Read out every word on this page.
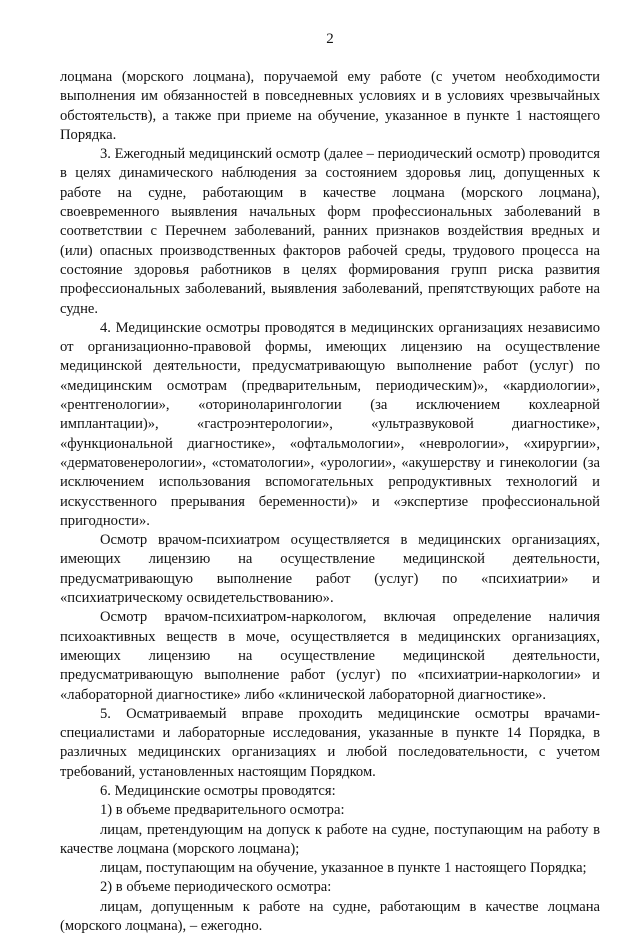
2

лоцмана (морского лоцмана), поручаемой ему работе (с учетом необходимости выполнения им обязанностей в повседневных условиях и в условиях чрезвычайных обстоятельств), а также при приеме на обучение, указанное в пункте 1 настоящего Порядка.

3. Ежегодный медицинский осмотр (далее – периодический осмотр) проводится в целях динамического наблюдения за состоянием здоровья лиц, допущенных к работе на судне, работающим в качестве лоцмана (морского лоцмана), своевременного выявления начальных форм профессиональных заболеваний в соответствии с Перечнем заболеваний, ранних признаков воздействия вредных и (или) опасных производственных факторов рабочей среды, трудового процесса на состояние здоровья работников в целях формирования групп риска развития профессиональных заболеваний, выявления заболеваний, препятствующих работе на судне.

4. Медицинские осмотры проводятся в медицинских организациях независимо от организационно-правовой формы, имеющих лицензию на осуществление медицинской деятельности, предусматривающую выполнение работ (услуг) по «медицинским осмотрам (предварительным, периодическим)», «кардиологии», «рентгенологии», «оториноларингологии (за исключением кохлеарной имплантации)», «гастроэнтерологии», «ультразвуковой диагностике», «функциональной диагностике», «офтальмологии», «неврологии», «хирургии», «дерматовенерологии», «стоматологии», «урологии», «акушерству и гинекологии (за исключением использования вспомогательных репродуктивных технологий и искусственного прерывания беременности)» и «экспертизе профессиональной пригодности».

Осмотр врачом-психиатром осуществляется в медицинских организациях, имеющих лицензию на осуществление медицинской деятельности, предусматривающую выполнение работ (услуг) по «психиатрии» и «психиатрическому освидетельствованию».

Осмотр врачом-психиатром-наркологом, включая определение наличия психоактивных веществ в моче, осуществляется в медицинских организациях, имеющих лицензию на осуществление медицинской деятельности, предусматривающую выполнение работ (услуг) по «психиатрии-наркологии» и «лабораторной диагностике» либо «клинической лабораторной диагностике».

5. Осматриваемый вправе проходить медицинские осмотры врачами-специалистами и лабораторные исследования, указанные в пункте 14 Порядка, в различных медицинских организациях и любой последовательности, с учетом требований, установленных настоящим Порядком.

6. Медицинские осмотры проводятся:

1) в объеме предварительного осмотра:

лицам, претендующим на допуск к работе на судне, поступающим на работу в качестве лоцмана (морского лоцмана);

лицам, поступающим на обучение, указанное в пункте 1 настоящего Порядка;

2) в объеме периодического осмотра:

лицам, допущенным к работе на судне, работающим в качестве лоцмана (морского лоцмана), – ежегодно.
